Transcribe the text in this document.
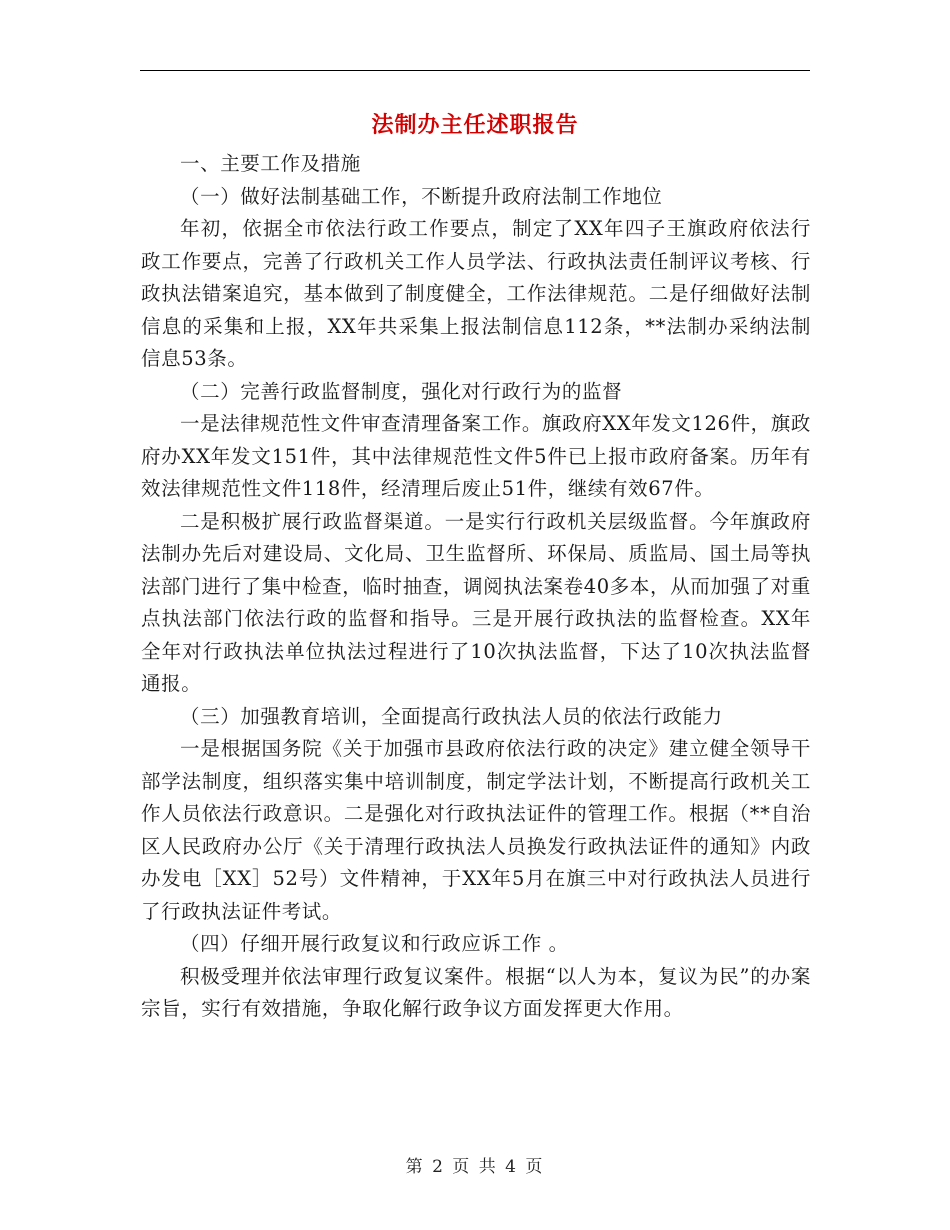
法制办主任述职报告

一、主要工作及措施

（一）做好法制基础工作，不断提升政府法制工作地位

年初，依据全市依法行政工作要点，制定了XX年四子王旗政府依法行政工作要点，完善了行政机关工作人员学法、行政执法责任制评议考核、行政执法错案追究，基本做到了制度健全，工作法律规范。二是仔细做好法制信息的采集和上报，XX年共采集上报法制信息112条，**法制办采纳法制信息53条。

（二）完善行政监督制度，强化对行政行为的监督

一是法律规范性文件审查清理备案工作。旗政府XX年发文126件，旗政府办XX年发文151件，其中法律规范性文件5件已上报市政府备案。历年有效法律规范性文件118件，经清理后废止51件，继续有效67件。

二是积极扩展行政监督渠道。一是实行行政机关层级监督。今年旗政府法制办先后对建设局、文化局、卫生监督所、环保局、质监局、国土局等执法部门进行了集中检查，临时抽查，调阅执法案卷40多本，从而加强了对重点执法部门依法行政的监督和指导。三是开展行政执法的监督检查。XX年全年对行政执法单位执法过程进行了10次执法监督，下达了10次执法监督通报。

（三）加强教育培训，全面提高行政执法人员的依法行政能力

一是根据国务院《关于加强市县政府依法行政的决定》建立健全领导干部学法制度，组织落实集中培训制度，制定学法计划，不断提高行政机关工作人员依法行政意识。二是强化对行政执法证件的管理工作。根据（**自治区人民政府办公厅《关于清理行政执法人员换发行政执法证件的通知》内政办发电［XX］52号）文件精神，于XX年5月在旗三中对行政执法人员进行了行政执法证件考试。

（四）仔细开展行政复议和行政应诉工作 。

积极受理并依法审理行政复议案件。根据“以人为本，复议为民”的办案宗旨，实行有效措施，争取化解行政争议方面发挥更大作用。

第 2 页 共 4 页
